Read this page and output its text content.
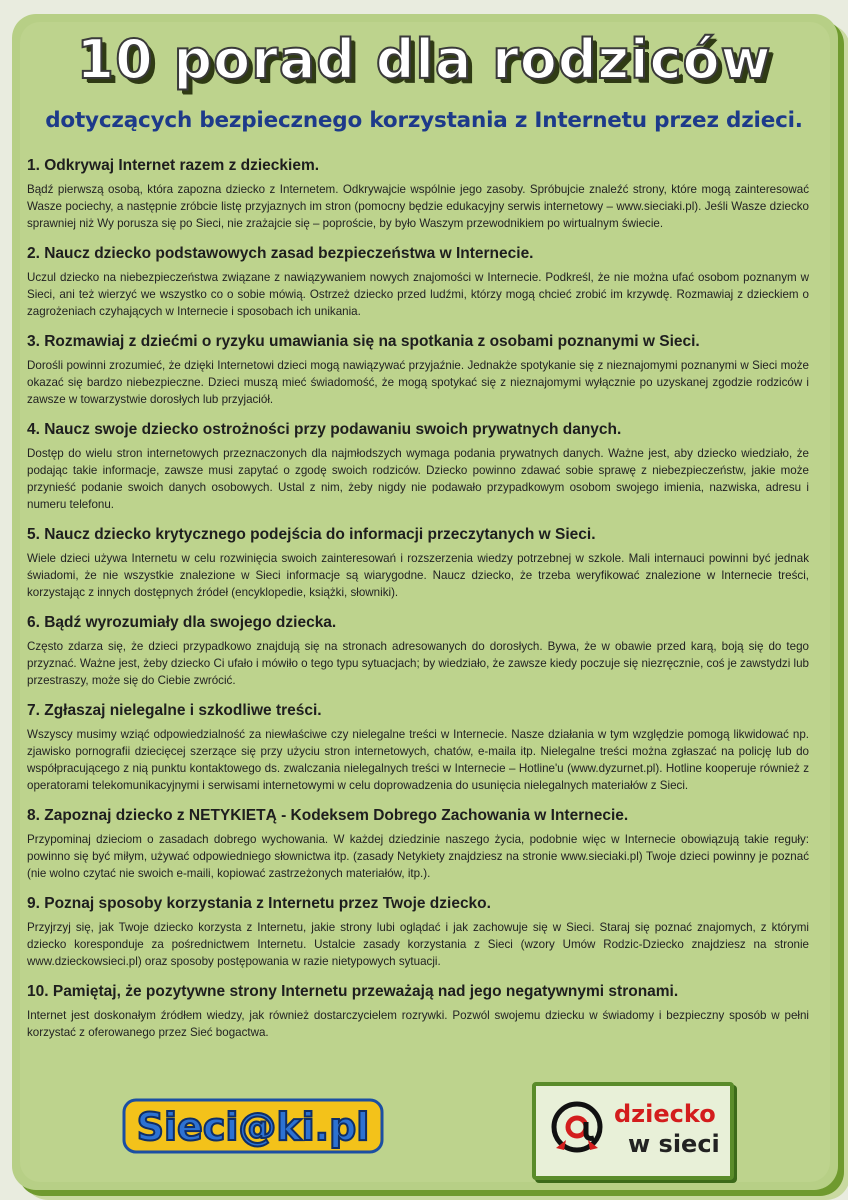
10 porad dla rodziców
dotyczących bezpiecznego korzystania z Internetu przez dzieci.

1. Odkrywaj Internet razem z dzieckiem.

Bądź pierwszą osobą, która zapozna dziecko z Internetem. Odkrywajcie wspólnie jego zasoby. Spróbujcie znaleźć strony, które mogą zainteresować Wasze pociechy, a następnie zróbcie listę przyjaznych im stron (pomocny będzie edukacyjny serwis internetowy – www.sieciaki.pl). Jeśli Wasze dziecko sprawniej niż Wy porusza się po Sieci, nie zrażajcie się – poproście, by było Waszym przewodnikiem po wirtualnym świecie.

2. Naucz dziecko podstawowych zasad bezpieczeństwa w Internecie.

Uczul dziecko na niebezpieczeństwa związane z nawiązywaniem nowych znajomości w Internecie. Podkreśl, że nie można ufać osobom poznanym w Sieci, ani też wierzyć we wszystko co o sobie mówią. Ostrzeż dziecko przed ludźmi, którzy mogą chcieć zrobić im krzywdę. Rozmawiaj z dzieckiem o zagrożeniach czyhających w Internecie i sposobach ich unikania.

3. Rozmawiaj z dziećmi o ryzyku umawiania się na spotkania z osobami poznanymi w Sieci.

Dorośli powinni zrozumieć, że dzięki Internetowi dzieci mogą nawiązywać przyjaźnie. Jednakże spotykanie się z nieznajomymi poznanymi w Sieci może okazać się bardzo niebezpieczne. Dzieci muszą mieć świadomość, że mogą spotykać się z nieznajomymi wyłącznie po uzyskanej zgodzie rodziców i zawsze w towarzystwie dorosłych lub przyjaciół.

4. Naucz swoje dziecko ostrożności przy podawaniu swoich prywatnych danych.

Dostęp do wielu stron internetowych przeznaczonych dla najmłodszych wymaga podania prywatnych danych. Ważne jest, aby dziecko wiedziało, że podając takie informacje, zawsze musi zapytać o zgodę swoich rodziców. Dziecko powinno zdawać sobie sprawę z niebezpieczeństw, jakie może przynieść podanie swoich danych osobowych. Ustal z nim, żeby nigdy nie podawało przypadkowym osobom swojego imienia, nazwiska, adresu i numeru telefonu.

5. Naucz dziecko krytycznego podejścia do informacji przeczytanych w Sieci.

Wiele dzieci używa Internetu w celu rozwinięcia swoich zainteresowań i rozszerzenia wiedzy potrzebnej w szkole. Mali internauci powinni być jednak świadomi, że nie wszystkie znalezione w Sieci informacje są wiarygodne. Naucz dziecko, że trzeba weryfikować znalezione w Internecie treści, korzystając z innych dostępnych źródeł (encyklopedie, książki, słowniki).

6. Bądź wyrozumiały dla swojego dziecka.

Często zdarza się, że dzieci przypadkowo znajdują się na stronach adresowanych do dorosłych. Bywa, że w obawie przed karą, boją się do tego przyznać. Ważne jest, żeby dziecko Ci ufało i mówiło o tego typu sytuacjach; by wiedziało, że zawsze kiedy poczuje się niezręcznie, coś je zawstydzi lub przestraszy, może się do Ciebie zwrócić.

7. Zgłaszaj nielegalne i szkodliwe treści.

Wszyscy musimy wziąć odpowiedzialność za niewłaściwe czy nielegalne treści w Internecie. Nasze działania w tym względzie pomogą likwidować np. zjawisko pornografii dziecięcej szerzące się przy użyciu stron internetowych, chatów, e-maila itp. Nielegalne treści można zgłaszać na policję lub do współpracującego z nią punktu kontaktowego ds. zwalczania nielegalnych treści w Internecie – Hotline'u (www.dyzurnet.pl). Hotline kooperuje również z operatorami telekomunikacyjnymi i serwisami internetowymi w celu doprowadzenia do usunięcia nielegalnych materiałów z Sieci.

8. Zapoznaj dziecko z NETYKIETĄ - Kodeksem Dobrego Zachowania w Internecie.

Przypominaj dzieciom o zasadach dobrego wychowania. W każdej dziedzinie naszego życia, podobnie więc w Internecie obowiązują takie reguły: powinno się być miłym, używać odpowiedniego słownictwa itp. (zasady Netykiety znajdziesz na stronie www.sieciaki.pl) Twoje dzieci powinny je poznać (nie wolno czytać nie swoich e-maili, kopiować zastrzeżonych materiałów, itp.).

9. Poznaj sposoby korzystania z Internetu przez Twoje dziecko.

Przyjrzyj się, jak Twoje dziecko korzysta z Internetu, jakie strony lubi oglądać i jak zachowuje się w Sieci. Staraj się poznać znajomych, z którymi dziecko koresponduje za pośrednictwem Internetu. Ustalcie zasady korzystania z Sieci (wzory Umów Rodzic-Dziecko znajdziesz na stronie www.dzieckowsieci.pl) oraz sposoby postępowania w razie nietypowych sytuacji.

10. Pamiętaj, że pozytywne strony Internetu przeważają nad jego negatywnymi stronami.

Internet jest doskonałym źródłem wiedzy, jak również dostarczycielem rozrywki. Pozwól swojemu dziecku w świadomy i bezpieczny sposób w pełni korzystać z oferowanego przez Sieć bogactwa.

Sieci@ki.pl	dziecko
w sieci
